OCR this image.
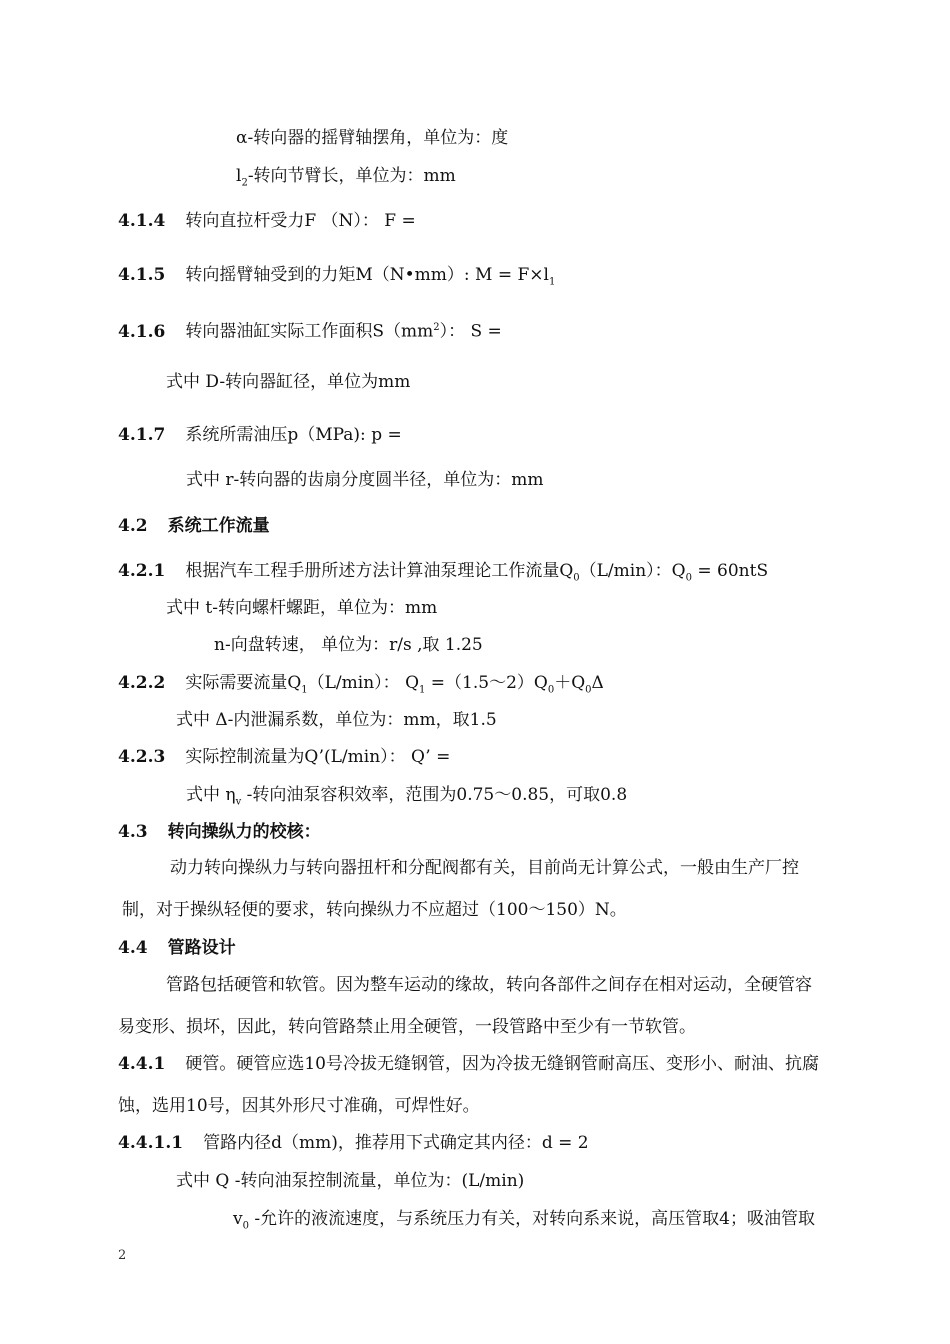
α-转向器的摇臂轴摆角，单位为：度
$l_2-$转向节臂长，单位为：mm
4.1.4 转向直拉杆受力F （N）： F =
4.1.5 转向摇臂轴受到的力矩M（N•mm）: $M = F\times l_1$
4.1.6 转向器油缸实际工作面积$S(mm^2)$： S =
式中 D-转向器缸径，单位为mm
4.1.7 系统所需油压p（MPa): p =
式中 r-转向器的齿扇分度圆半径，单位为：mm
4.2 系统工作流量
4.2.1 根据汽车工程手册所述方法计算油泵理论工作流量$Q_0(L/\min)$：$Q_0 = 60ntS$
式中 t-转向螺杆螺距，单位为：mm
n-向盘转速， 单位为：r/s ,取 1.25
4.2.2 实际需要流量$Q_1(L/\min)$： $Q_1$ $=(1.5\sim 2)Q_0+Q_0\Delta$
式中 Δ-内泄漏系数，单位为：mm，取1.5
4.2.3 实际控制流量为Q’(L/min）： Q’ =
式中 $\eta_v$ -转向油泵容积效率，范围为0.75～0.85，可取0.8
4.3 转向操纵力的校核：
动力转向操纵力与转向器扭杆和分配阀都有关，目前尚无计算公式，一般由生产厂控
制，对于操纵轻便的要求，转向操纵力不应超过（100～150）N。
4.4 管路设计
管路包括硬管和软管。因为整车运动的缘故，转向各部件之间存在相对运动，全硬管容
易变形、损坏，因此，转向管路禁止用全硬管，一段管路中至少有一节软管。
4.4.1 硬管。硬管应选10号冷拔无缝钢管，因为冷拔无缝钢管耐高压、变形小、耐油、抗腐
蚀，选用10号，因其外形尺寸准确，可焊性好。
4.4.1.1 管路内径d（mm)，推荐用下式确定其内径：d = 2
式中 Q -转向油泵控制流量，单位为：(L/min)
$v_0$ -允许的液流速度，与系统压力有关，对转向系来说，高压管取4；吸油管取
2
